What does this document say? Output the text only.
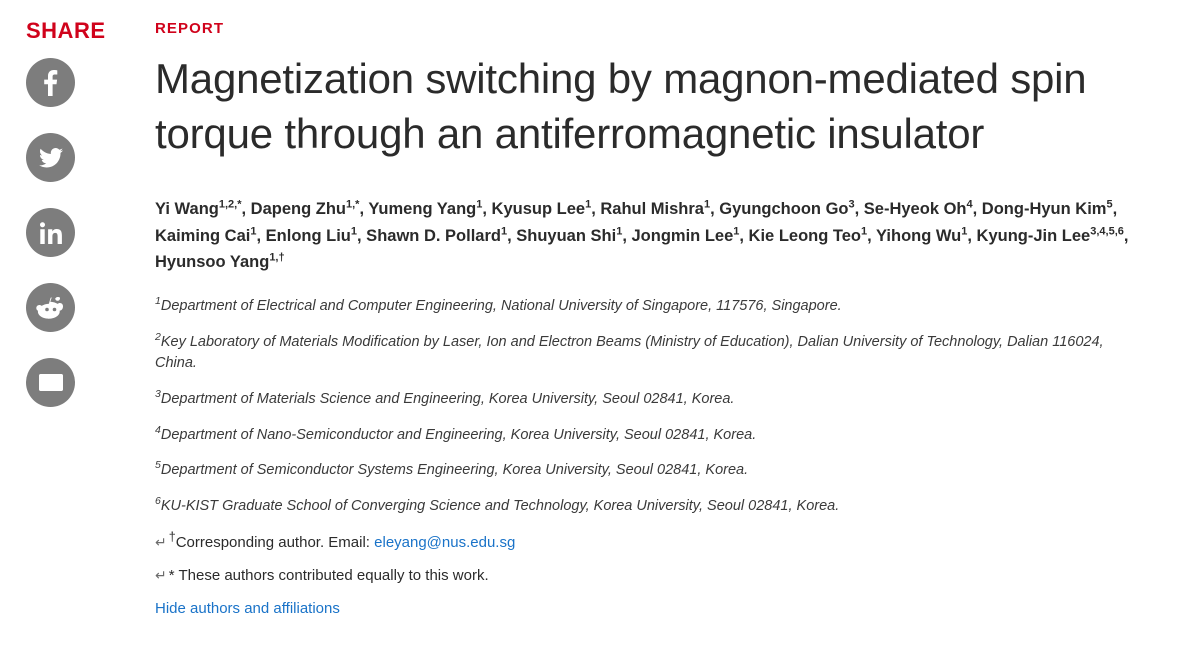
SHARE	REPORT
Magnetization switching by magnon-mediated spin torque through an antiferromagnetic insulator

Yi Wang$^{1,2,*}$, Dapeng Zhu$^{1,*}$, Yumeng Yang$^1$, Kyusup Lee$^1$, Rahul Mishra$^1$, Gyungchoon Go$^3$, Se-Hyeok Oh$^4$, Dong-Hyun Kim$^5$, Kaiming Cai$^1$, Enlong Liu$^1$, Shawn D. Pollard$^1$, Shuyuan Shi$^1$, Jongmin Lee$^1$, Kie Leong Teo$^1$, Yihong Wu$^1$, Kyung-Jin Lee$^{3,4,5,6}$, Hyunsoo Yang$^{1,\dagger}$

$^1$Department of Electrical and Computer Engineering, National University of Singapore, 117576, Singapore.

$^2$Key Laboratory of Materials Modification by Laser, Ion and Electron Beams (Ministry of Education), Dalian University of Technology, Dalian 116024, China.

$^3$Department of Materials Science and Engineering, Korea University, Seoul 02841, Korea.

$^4$Department of Nano-Semiconductor and Engineering, Korea University, Seoul 02841, Korea.

$^5$Department of Semiconductor Systems Engineering, Korea University, Seoul 02841, Korea.

$^6$KU-KIST Graduate School of Converging Science and Technology, Korea University, Seoul 02841, Korea.

↵ †Corresponding author. Email: eleyang@nus.edu.sg

↵ * These authors contributed equally to this work.

Hide authors and affiliations
